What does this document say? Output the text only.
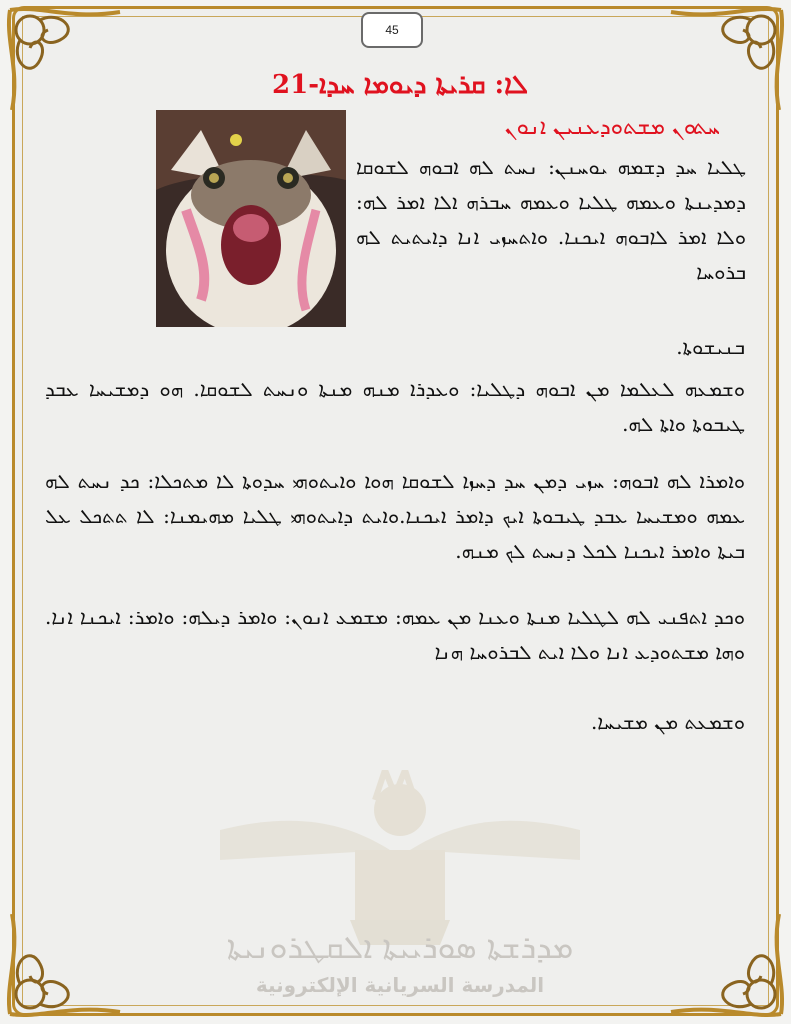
45
ܠܐ: ܩܪܝܬܐ ܕܝܘܡܐ ܚܕܐ-21
ܚܬܘܢ ܡܫܬܘܕܥܢܝܢ ܐܢܘܢ
ܛܠܝܐ ܚܕ ܕܫܡܗ ܝܘܚܢܢ: ܢܚܬ ܠܗ ܐܒܘܗ ܠܫܘܩܐ ܕܡܕܝܢܬܐ ܘܥܡܗ ܛܠܝܐ ܘܥܡܗ ܚܒܪܗ ܐܠܐ ܐܡܪ ܠܗ: ܘܠܐ ܐܡܪ ܠܐܒܘܗ ܐܝܟܢܐ. ܘܐܬܚܙܝ ܐܢܐ ܕܐܝܬܝܬ ܠܗ ܒܪܘܚܐ
ܒܢܝܫܘܬܐ.
ܘܫܡܥܗ ܠܥܠܡܐ ܡܢ ܐܒܘܗ ܕܛܠܝܐ: ܘܥܕܪܐ ܡܢܗ ܡܢܬܐ ܘܢܚܬ ܠܫܘܩܐ. ܗܘ ܕܡܫܝܚܐ ܥܒܕ ܛܝܒܘܬܐ ܘܐܬܐ ܠܗ.
ܘܐܡܪܐ ܠܗ ܐܒܘܗ: ܚܙܝ ܕܡܢ ܚܕ ܕܚܙܐ ܠܫܘܩܐ ܗܘܐ ܘܐܝܬܘܗܝ ܚܕܘܬܐ ܠܐ ܡܬܟܠܐ: ܟܕ ܢܚܬ ܠܗ ܥܡܗ ܘܡܫܝܚܐ ܥܒܕ ܛܝܒܘܬܐ ܐܝܟ ܕܐܡܪ ܐܝܟܢܐ.ܘܐܝܬ ܕܐܝܬܘܗܝ ܛܠܝܐ ܡܗܝܡܢܐ: ܠܐ ܬܬܟܠ ܥܠ ܒܝܬܐ ܘܐܡܪ ܐܝܟܢܐ ܠܟܠ ܕܢܚܬ ܠܟ ܡܢܗ.
ܘܟܕ ܐܬܦܢܝ ܠܗ ܠܛܠܝܐ ܡܢܬܐ ܘܥܢܐ ܡܢ ܥܡܗ: ܡܫܡܥ ܐܢܘܢ: ܘܐܡܪ ܕܝܠܗ: ܘܐܡܪ: ܐܝܟܢܐ ܐܢܐ. ܘܗܐ ܡܫܬܘܕܥ ܐܢܐ ܘܠܐ ܐܝܬ ܠܒܪܘܚܐ ܗܢܐ
ܘܫܡܥܬ ܡܢ ܡܫܝܚܐ.
ܡܕܪܫܬܐ ܣܘܪܝܝܬܐ ܐܠܩܛܪܘܢܝܬܐ
المدرسة السريانية الإلكترونية
